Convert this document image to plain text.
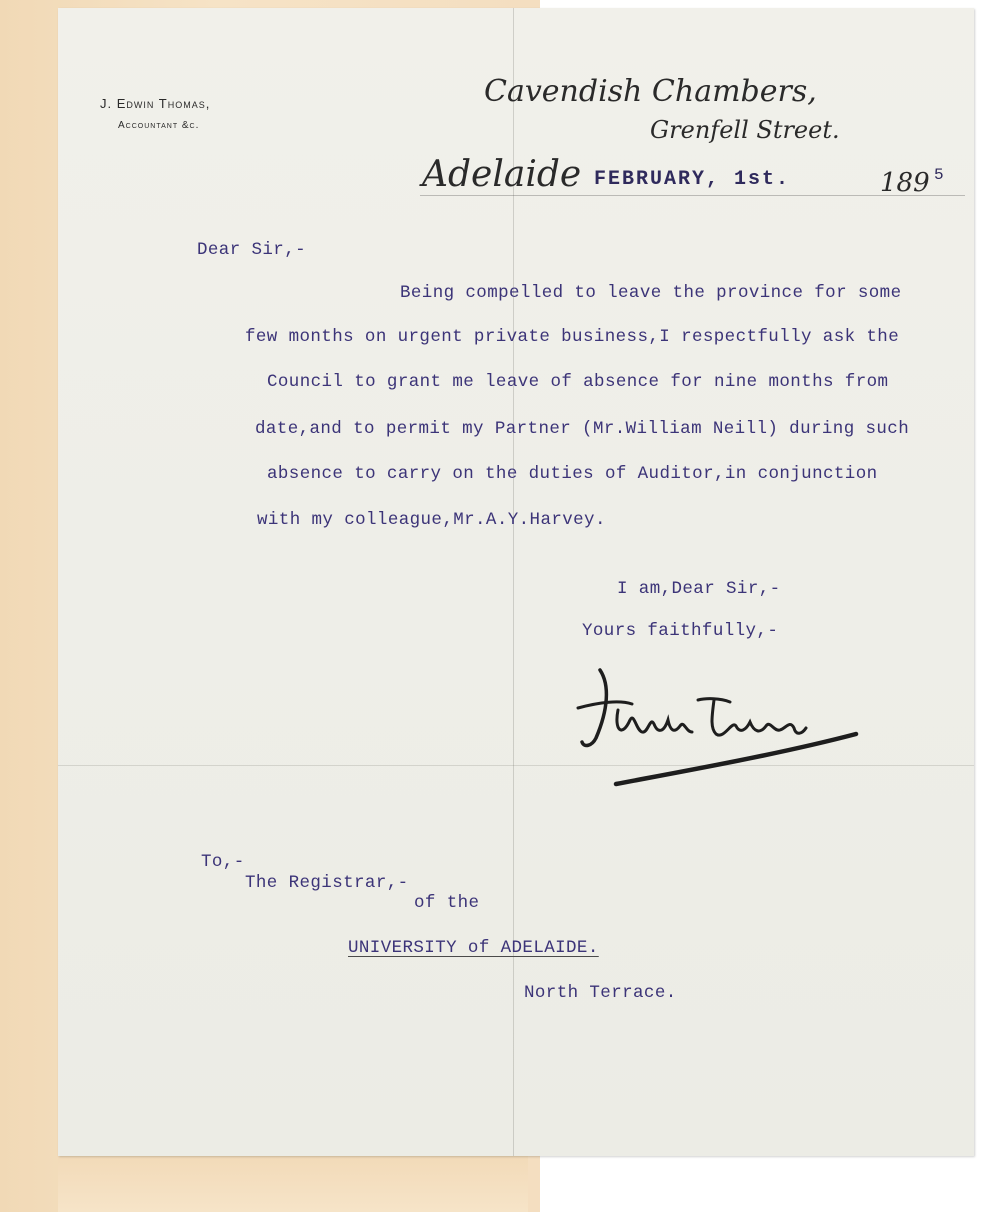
J. Edwin Thomas,
Accountant &c.
Cavendish Chambers,
Grenfell Street.
Adelaide FEBRUARY, 1st.	189 5
Dear Sir,-
Being compelled to leave the province for some
few months on urgent private business,I respectfully ask the
Council to grant me leave of absence for nine months from
date,and to permit my Partner (Mr.William Neill) during such
absence to carry on the duties of Auditor,in conjunction
with my colleague,Mr.A.Y.Harvey.
I am,Dear Sir,-
Yours faithfully,-
To,-
The Registrar,-
of the
UNIVERSITY of ADELAIDE.
North Terrace.
